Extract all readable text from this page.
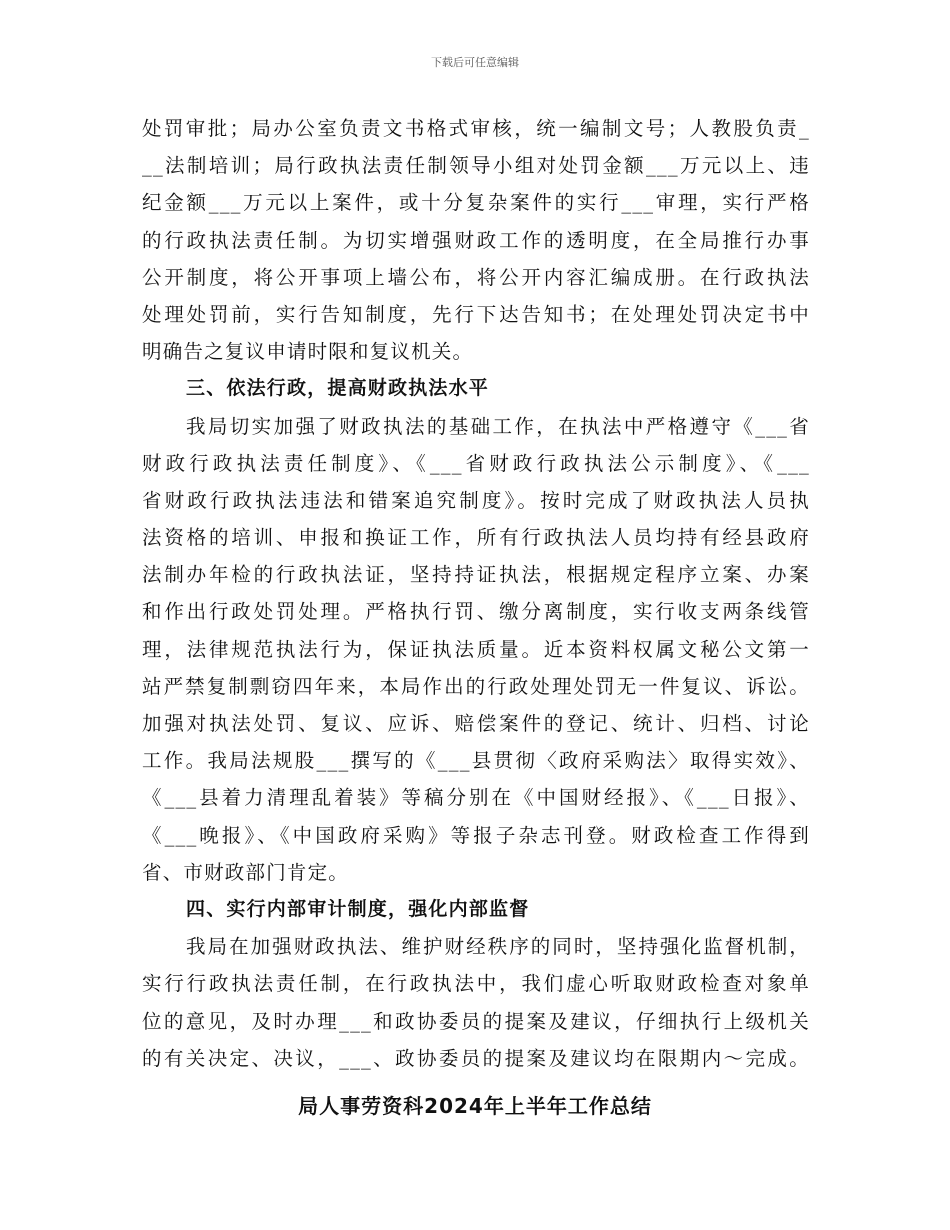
下载后可任意编辑
处罚审批；局办公室负责文书格式审核，统一编制文号；人教股负责_
__法制培训；局行政执法责任制领导小组对处罚金额___万元以上、违
纪金额___万元以上案件，或十分复杂案件的实行___审理，实行严格
的行政执法责任制。为切实增强财政工作的透明度，在全局推行办事
公开制度，将公开事项上墙公布，将公开内容汇编成册。在行政执法
处理处罚前，实行告知制度，先行下达告知书；在处理处罚决定书中
明确告之复议申请时限和复议机关。
三、依法行政，提高财政执法水平
我局切实加强了财政执法的基础工作，在执法中严格遵守《___省
财政行政执法责任制度》、《___省财政行政执法公示制度》、《___
省财政行政执法违法和错案追究制度》。按时完成了财政执法人员执
法资格的培训、申报和换证工作，所有行政执法人员均持有经县政府
法制办年检的行政执法证，坚持持证执法，根据规定程序立案、办案
和作出行政处罚处理。严格执行罚、缴分离制度，实行收支两条线管
理，法律规范执法行为，保证执法质量。近本资料权属文秘公文第一
站严禁复制剽窃四年来，本局作出的行政处理处罚无一件复议、诉讼。
加强对执法处罚、复议、应诉、赔偿案件的登记、统计、归档、讨论
工作。我局法规股___撰写的《___县贯彻〈政府采购法〉取得实效》、
《___县着力清理乱着装》等稿分别在《中国财经报》、《___日报》、
《___晚报》、《中国政府采购》等报子杂志刊登。财政检查工作得到
省、市财政部门肯定。
四、实行内部审计制度，强化内部监督
我局在加强财政执法、维护财经秩序的同时，坚持强化监督机制，
实行行政执法责任制，在行政执法中，我们虚心听取财政检查对象单
位的意见，及时办理___和政协委员的提案及建议，仔细执行上级机关
的有关决定、决议，___、政协委员的提案及建议均在限期内～完成。
局人事劳资科2024年上半年工作总结
